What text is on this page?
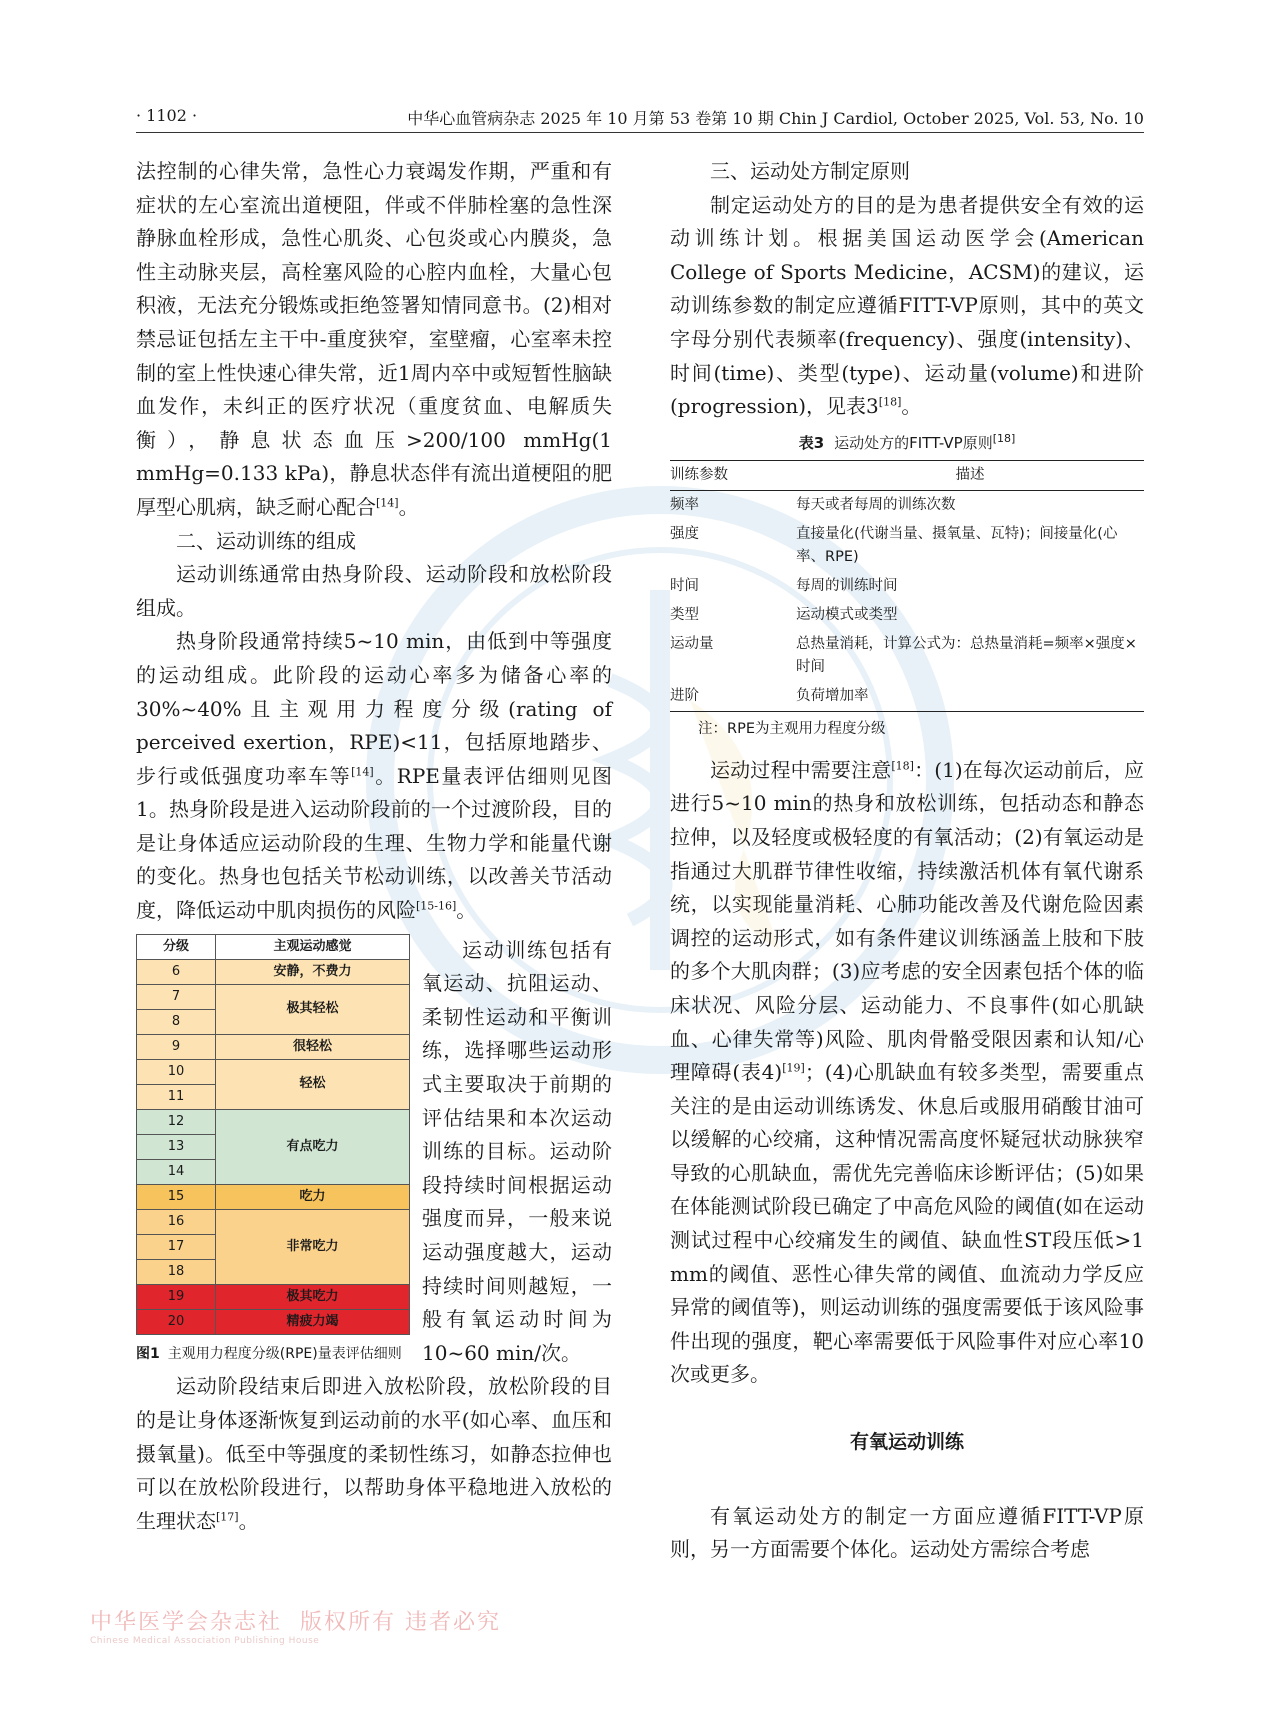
· 1102 ·	中华心血管病杂志 2025 年 10 月第 53 卷第 10 期 Chin J Cardiol, October 2025, Vol. 53, No. 10

法控制的心律失常，急性心力衰竭发作期，严重和有症状的左心室流出道梗阻，伴或不伴肺栓塞的急性深静脉血栓形成，急性心肌炎、心包炎或心内膜炎，急性主动脉夹层，高栓塞风险的心腔内血栓，大量心包积液，无法充分锻炼或拒绝签署知情同意书。(2)相对禁忌证包括左主干中-重度狭窄，室壁瘤，心室率未控制的室上性快速心律失常，近1周内卒中或短暂性脑缺血发作，未纠正的医疗状况（重度贫血、电解质失衡），静息状态血压>200/100 mmHg(1 mmHg=0.133 kPa)，静息状态伴有流出道梗阻的肥厚型心肌病，缺乏耐心配合[14]。

二、运动训练的组成

运动训练通常由热身阶段、运动阶段和放松阶段组成。

热身阶段通常持续5~10 min，由低到中等强度的运动组成。此阶段的运动心率多为储备心率的30%~40%且主观用力程度分级(rating of perceived exertion，RPE)<11，包括原地踏步、步行或低强度功率车等[14]。RPE量表评估细则见图1。热身阶段是进入运动阶段前的一个过渡阶段，目的是让身体适应运动阶段的生理、生物力学和能量代谢的变化。热身也包括关节松动训练，以改善关节活动度，降低运动中肌肉损伤的风险[15-16]。

分级	主观运动感觉
6	安静，不费力
7	极其轻松
8	
9	很轻松
10	轻松
11	
12	有点吃力
13	
14	
15	吃力
16	非常吃力
17	
18	
19	极其吃力
20	精疲力竭
图1 主观用力程度分级(RPE)量表评估细则

运动训练包括有氧运动、抗阻运动、柔韧性运动和平衡训练，选择哪些运动形式主要取决于前期的评估结果和本次运动训练的目标。运动阶段持续时间根据运动强度而异，一般来说运动强度越大，运动持续时间则越短，一般有氧运动时间为10~60 min/次。

运动阶段结束后即进入放松阶段，放松阶段的目的是让身体逐渐恢复到运动前的水平(如心率、血压和摄氧量)。低至中等强度的柔韧性练习，如静态拉伸也可以在放松阶段进行，以帮助身体平稳地进入放松的生理状态[17]。

三、运动处方制定原则

制定运动处方的目的是为患者提供安全有效的运动训练计划。根据美国运动医学会(American College of Sports Medicine，ACSM)的建议，运动训练参数的制定应遵循FITT-VP原则，其中的英文字母分别代表频率(frequency)、强度(intensity)、时间(time)、类型(type)、运动量(volume)和进阶(progression)，见表3[18]。

表3 运动处方的FITT-VP原则[18]
训练参数	描述
频率	每天或者每周的训练次数
强度	直接量化(代谢当量、摄氧量、瓦特)；间接量化(心率、RPE)
时间	每周的训练时间
类型	运动模式或类型
运动量	总热量消耗，计算公式为：总热量消耗=频率×强度×时间
进阶	负荷增加率
注：RPE为主观用力程度分级

运动过程中需要注意[18]：(1)在每次运动前后，应进行5~10 min的热身和放松训练，包括动态和静态拉伸，以及轻度或极轻度的有氧活动；(2)有氧运动是指通过大肌群节律性收缩，持续激活机体有氧代谢系统，以实现能量消耗、心肺功能改善及代谢危险因素调控的运动形式，如有条件建议训练涵盖上肢和下肢的多个大肌肉群；(3)应考虑的安全因素包括个体的临床状况、风险分层、运动能力、不良事件(如心肌缺血、心律失常等)风险、肌肉骨骼受限因素和认知/心理障碍(表4)[19]；(4)心肌缺血有较多类型，需要重点关注的是由运动训练诱发、休息后或服用硝酸甘油可以缓解的心绞痛，这种情况需高度怀疑冠状动脉狭窄导致的心肌缺血，需优先完善临床诊断评估；(5)如果在体能测试阶段已确定了中高危风险的阈值(如在运动测试过程中心绞痛发生的阈值、缺血性ST段压低>1 mm的阈值、恶性心律失常的阈值、血流动力学反应异常的阈值等)，则运动训练的强度需要低于该风险事件出现的强度，靶心率需要低于风险事件对应心率10次或更多。

有氧运动训练

有氧运动处方的制定一方面应遵循FITT-VP原则，另一方面需要个体化。运动处方需综合考虑

中华医学会杂志社 版权所有 违者必究
Chinese Medical Association Publishing House
